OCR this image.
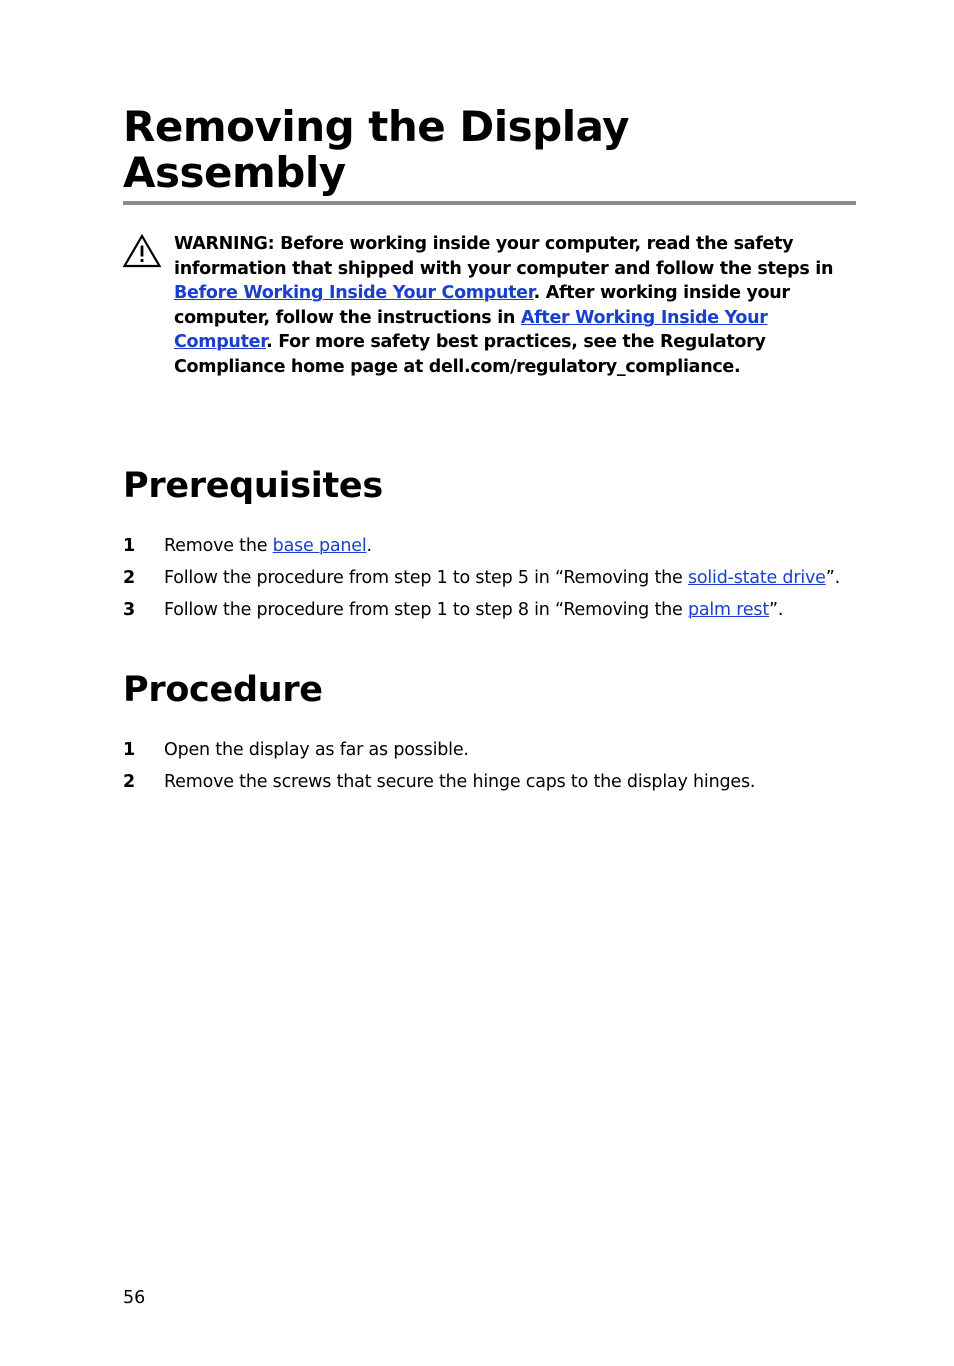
Removing the Display Assembly

WARNING: Before working inside your computer, read the safety information that shipped with your computer and follow the steps in Before Working Inside Your Computer. After working inside your computer, follow the instructions in After Working Inside Your Computer. For more safety best practices, see the Regulatory Compliance home page at dell.com/regulatory_compliance.

Prerequisites
1 Remove the base panel.
2 Follow the procedure from step 1 to step 5 in “Removing the solid-state drive”.
3 Follow the procedure from step 1 to step 8 in “Removing the palm rest”.
Procedure
1 Open the display as far as possible.
2 Remove the screws that secure the hinge caps to the display hinges.
56
